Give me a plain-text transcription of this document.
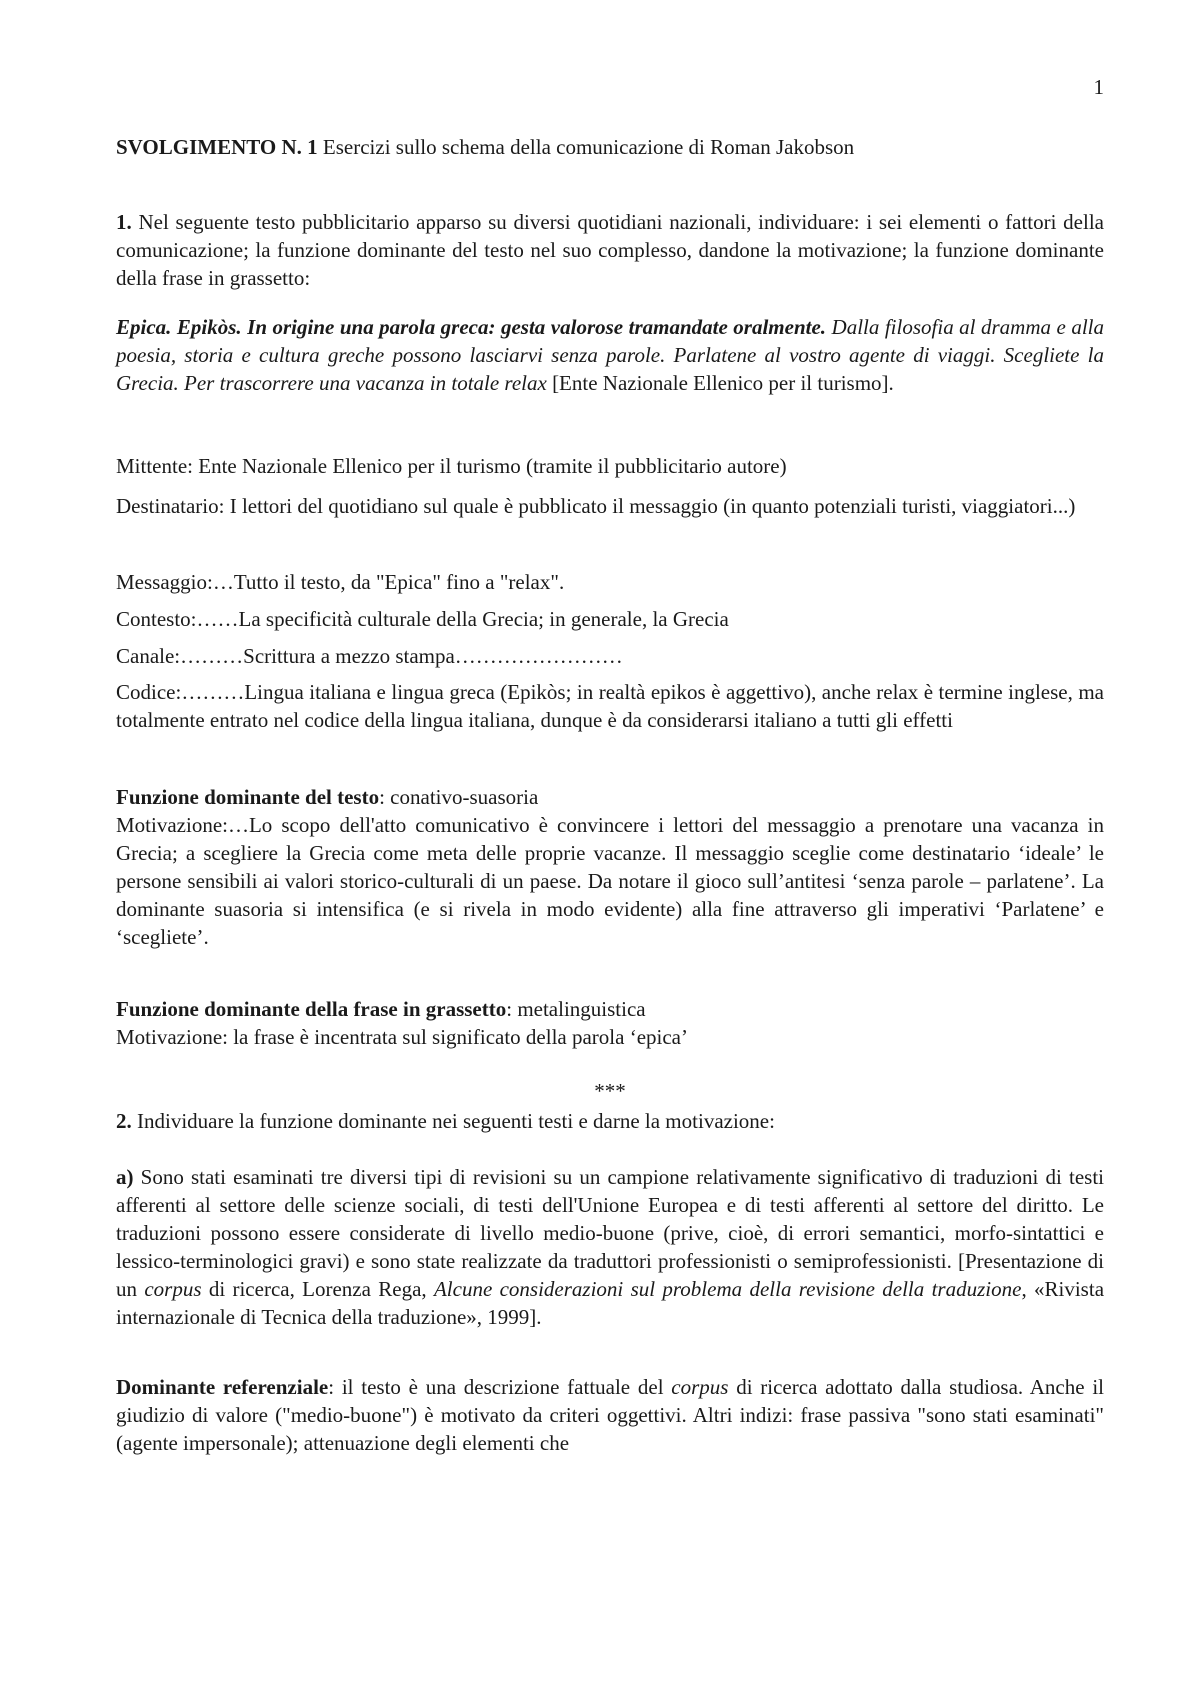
1
SVOLGIMENTO N. 1 Esercizi sullo schema della comunicazione di Roman Jakobson
1. Nel seguente testo pubblicitario apparso su diversi quotidiani nazionali, individuare: i sei elementi o fattori della comunicazione; la funzione dominante del testo nel suo complesso, dandone la motivazione; la funzione dominante della frase in grassetto:
Epica. Epikòs. In origine una parola greca: gesta valorose tramandate oralmente. Dalla filosofia al dramma e alla poesia, storia e cultura greche possono lasciarvi senza parole. Parlatene al vostro agente di viaggi. Scegliete la Grecia. Per trascorrere una vacanza in totale relax [Ente Nazionale Ellenico per il turismo].
Mittente: Ente Nazionale Ellenico per il turismo (tramite il pubblicitario autore)
Destinatario: I lettori del quotidiano sul quale è pubblicato il messaggio (in quanto potenziali turisti, viaggiatori...)
Messaggio:…Tutto il testo, da "Epica" fino a "relax".
Contesto:……La specificità culturale della Grecia; in generale, la Grecia
Canale:………Scrittura a mezzo stampa……………………
Codice:………Lingua italiana e lingua greca (Epikòs; in realtà epikos è aggettivo), anche relax è termine inglese, ma totalmente entrato nel codice della lingua italiana, dunque è da considerarsi italiano a tutti gli effetti
Funzione dominante del testo: conativo-suasoria
Motivazione:…Lo scopo dell'atto comunicativo è convincere i lettori del messaggio a prenotare una vacanza in Grecia; a scegliere la Grecia come meta delle proprie vacanze. Il messaggio sceglie come destinatario ‘ideale’ le persone sensibili ai valori storico-culturali di un paese. Da notare il gioco sull’antitesi ‘senza parole – parlatene’. La dominante suasoria si intensifica (e si rivela in modo evidente) alla fine attraverso gli imperativi ‘Parlatene’ e ‘scegliete’.
Funzione dominante della frase in grassetto: metalinguistica
Motivazione: la frase è incentrata sul significato della parola ‘epica’
***
2. Individuare la funzione dominante nei seguenti testi e darne la motivazione:
a) Sono stati esaminati tre diversi tipi di revisioni su un campione relativamente significativo di traduzioni di testi afferenti al settore delle scienze sociali, di testi dell'Unione Europea e di testi afferenti al settore del diritto. Le traduzioni possono essere considerate di livello medio-buone (prive, cioè, di errori semantici, morfo-sintattici e lessico-terminologici gravi) e sono state realizzate da traduttori professionisti o semiprofessionisti. [Presentazione di un corpus di ricerca, Lorenza Rega, Alcune considerazioni sul problema della revisione della traduzione, «Rivista internazionale di Tecnica della traduzione», 1999].
Dominante referenziale: il testo è una descrizione fattuale del corpus di ricerca adottato dalla studiosa. Anche il giudizio di valore ("medio-buone") è motivato da criteri oggettivi. Altri indizi: frase passiva "sono stati esaminati" (agente impersonale); attenuazione degli elementi che
